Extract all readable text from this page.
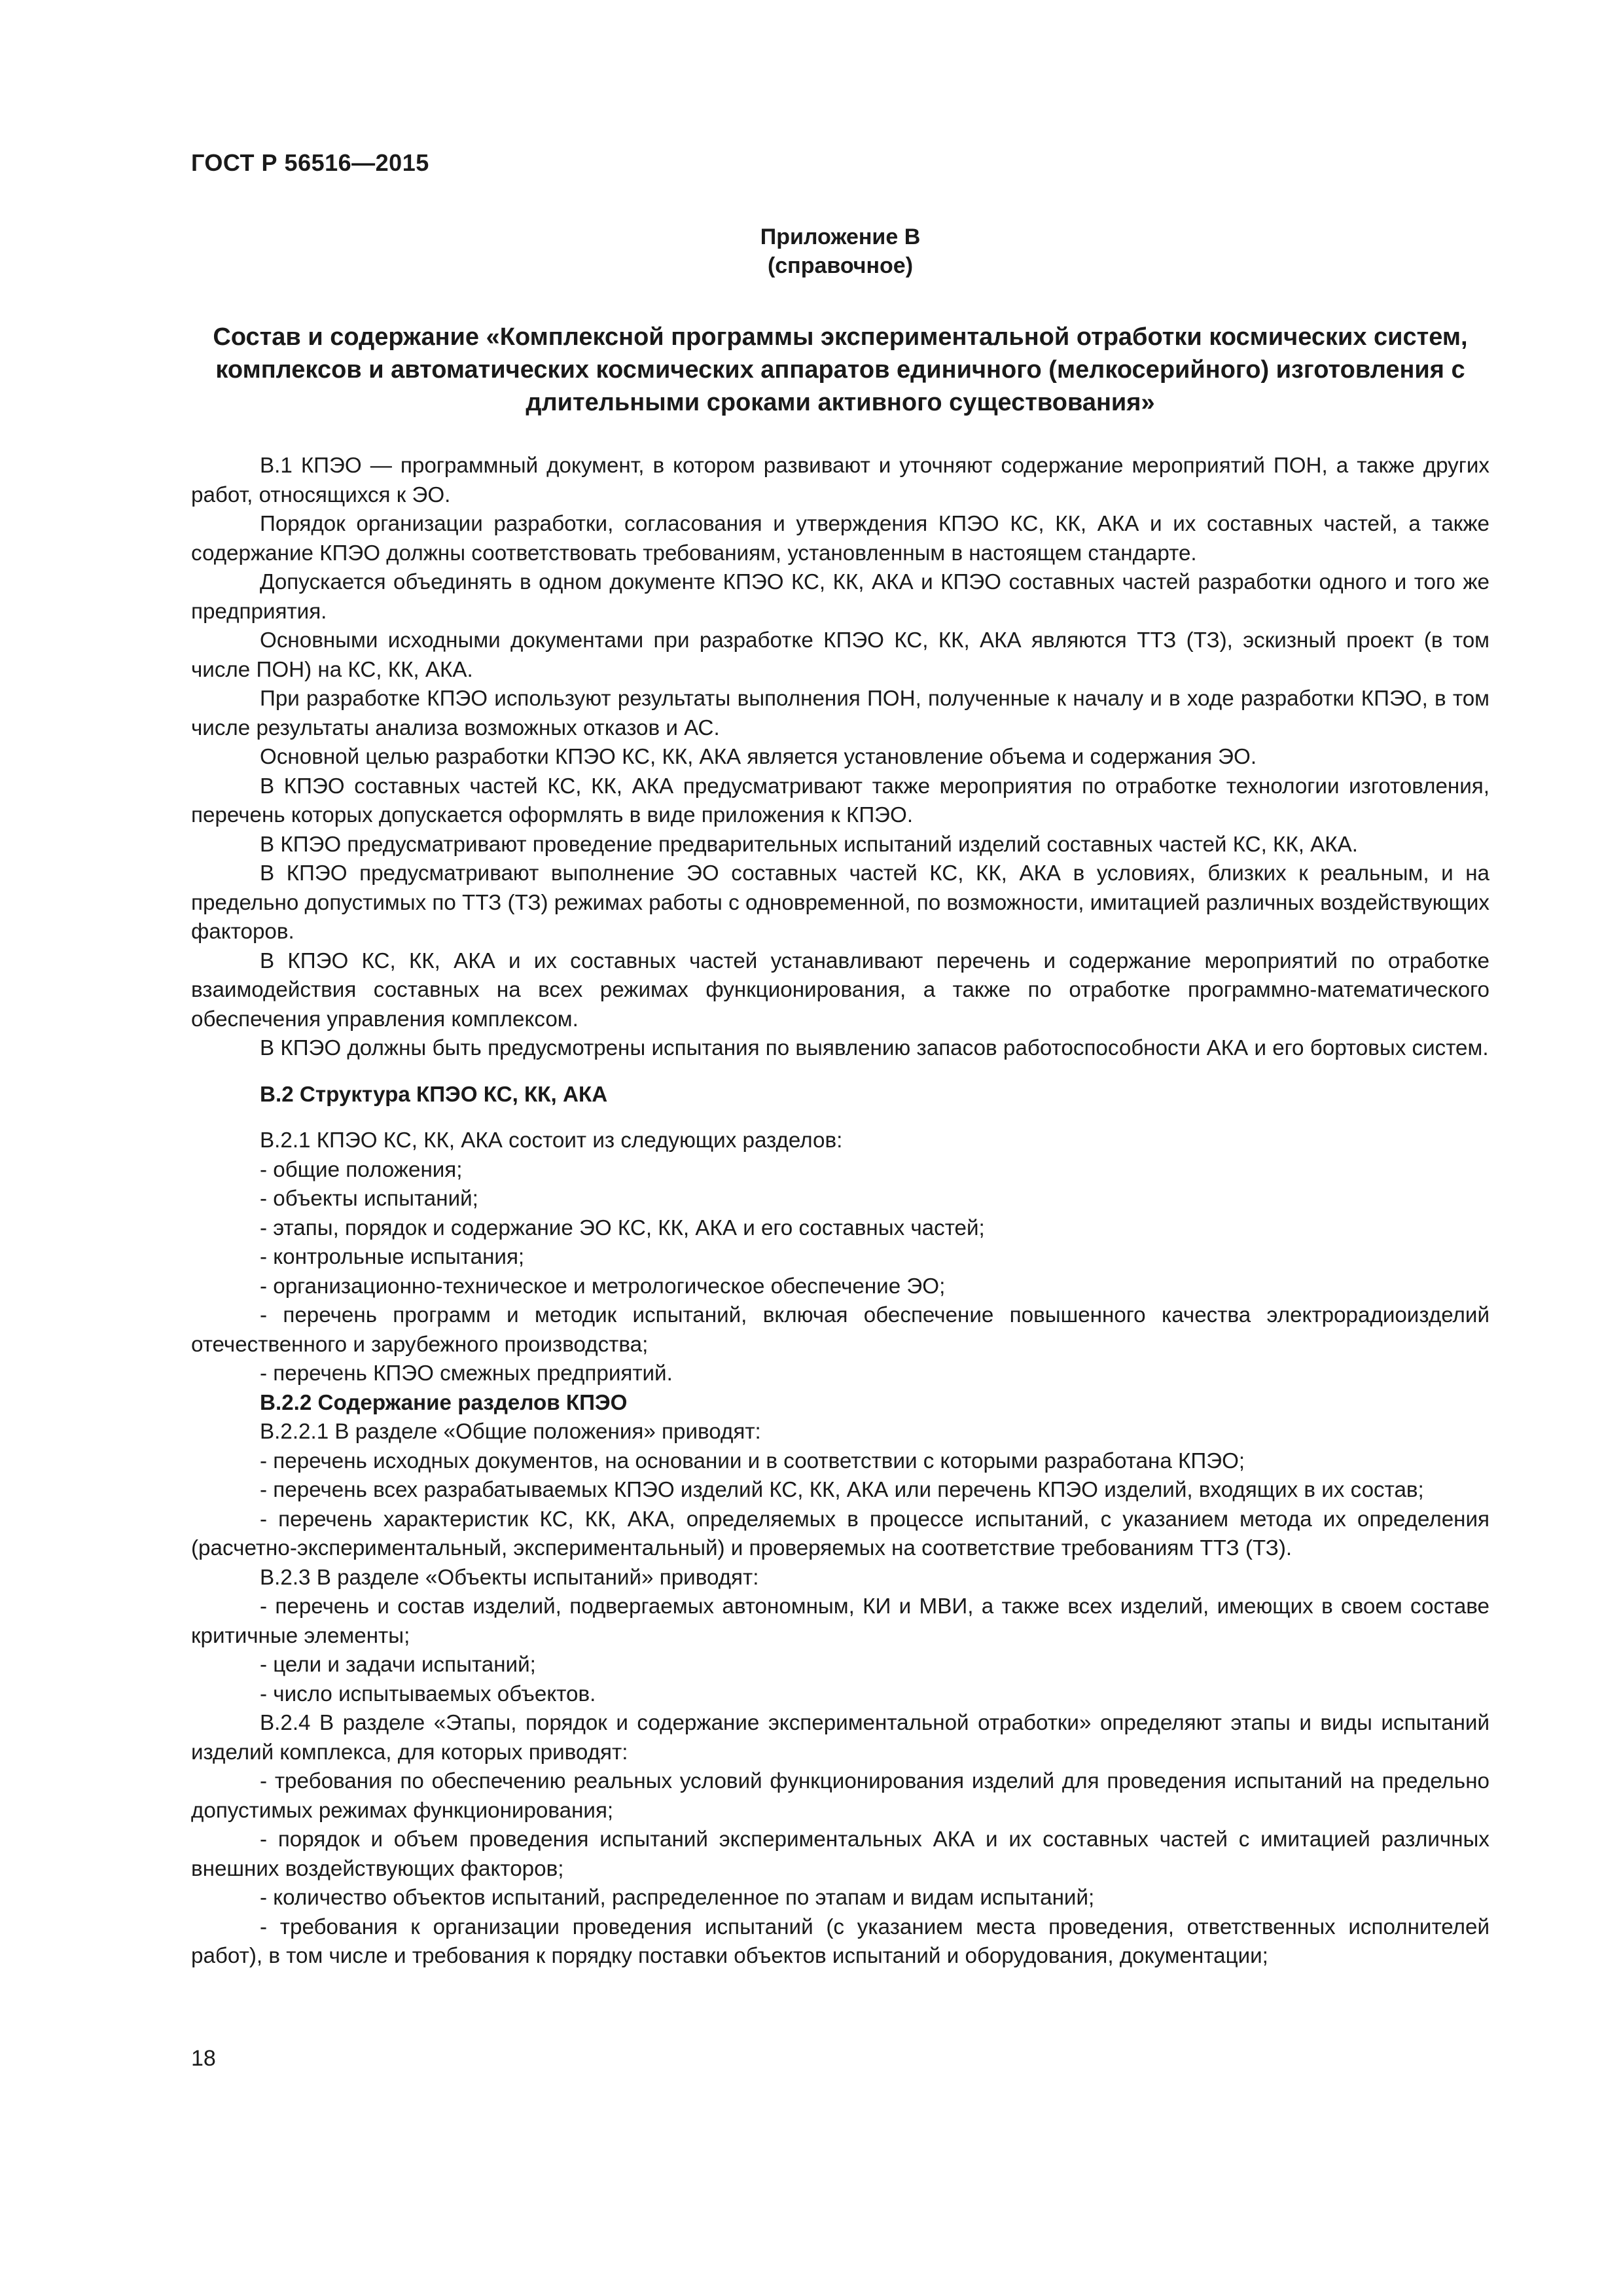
ГОСТ Р 56516—2015
Приложение В
(справочное)
Состав и содержание «Комплексной программы экспериментальной отработки космических систем, комплексов и автоматических космических аппаратов единичного (мелкосерийного) изготовления с длительными сроками активного существования»

В.1 КПЭО — программный документ, в котором развивают и уточняют содержание мероприятий ПОН, а также других работ, относящихся к ЭО.

Порядок организации разработки, согласования и утверждения КПЭО КС, КК, АКА и их составных частей, а также содержание КПЭО должны соответствовать требованиям, установленным в настоящем стандарте.

Допускается объединять в одном документе КПЭО КС, КК, АКА и КПЭО составных частей разработки одного и того же предприятия.

Основными исходными документами при разработке КПЭО КС, КК, АКА являются ТТЗ (ТЗ), эскизный проект (в том числе ПОН) на КС, КК, АКА.

При разработке КПЭО используют результаты выполнения ПОН, полученные к началу и в ходе разработки КПЭО, в том числе результаты анализа возможных отказов и АС.

Основной целью разработки КПЭО КС, КК, АКА является установление объема и содержания ЭО.

В КПЭО составных частей КС, КК, АКА предусматривают также мероприятия по отработке технологии изготовления, перечень которых допускается оформлять в виде приложения к КПЭО.

В КПЭО предусматривают проведение предварительных испытаний изделий составных частей КС, КК, АКА.

В КПЭО предусматривают выполнение ЭО составных частей КС, КК, АКА в условиях, близких к реальным, и на предельно допустимых по ТТЗ (ТЗ) режимах работы с одновременной, по возможности, имитацией различных воздействующих факторов.

В КПЭО КС, КК, АКА и их составных частей устанавливают перечень и содержание мероприятий по отработке взаимодействия составных на всех режимах функционирования, а также по отработке программно-математического обеспечения управления комплексом.

В КПЭО должны быть предусмотрены испытания по выявлению запасов работоспособности АКА и его бортовых систем.

В.2 Структура КПЭО КС, КК, АКА

В.2.1 КПЭО КС, КК, АКА состоит из следующих разделов:

- общие положения;

- объекты испытаний;

- этапы, порядок и содержание ЭО КС, КК, АКА и его составных частей;

- контрольные испытания;

- организационно-техническое и метрологическое обеспечение ЭО;

- перечень программ и методик испытаний, включая обеспечение повышенного качества электрорадиоизделий отечественного и зарубежного производства;

- перечень КПЭО смежных предприятий.

В.2.2 Содержание разделов КПЭО

В.2.2.1 В разделе «Общие положения» приводят:

- перечень исходных документов, на основании и в соответствии с которыми разработана КПЭО;

- перечень всех разрабатываемых КПЭО изделий КС, КК, АКА или перечень КПЭО изделий, входящих в их состав;

- перечень характеристик КС, КК, АКА, определяемых в процессе испытаний, с указанием метода их определения (расчетно-экспериментальный, экспериментальный) и проверяемых на соответствие требованиям ТТЗ (ТЗ).

В.2.3 В разделе «Объекты испытаний» приводят:

- перечень и состав изделий, подвергаемых автономным, КИ и МВИ, а также всех изделий, имеющих в своем составе критичные элементы;

- цели и задачи испытаний;

- число испытываемых объектов.

В.2.4 В разделе «Этапы, порядок и содержание экспериментальной отработки» определяют этапы и виды испытаний изделий комплекса, для которых приводят:

- требования по обеспечению реальных условий функционирования изделий для проведения испытаний на предельно допустимых режимах функционирования;

- порядок и объем проведения испытаний экспериментальных АКА и их составных частей с имитацией различных внешних воздействующих факторов;

- количество объектов испытаний, распределенное по этапам и видам испытаний;

- требования к организации проведения испытаний (с указанием места проведения, ответственных исполнителей работ), в том числе и требования к порядку поставки объектов испытаний и оборудования, документации;

18
